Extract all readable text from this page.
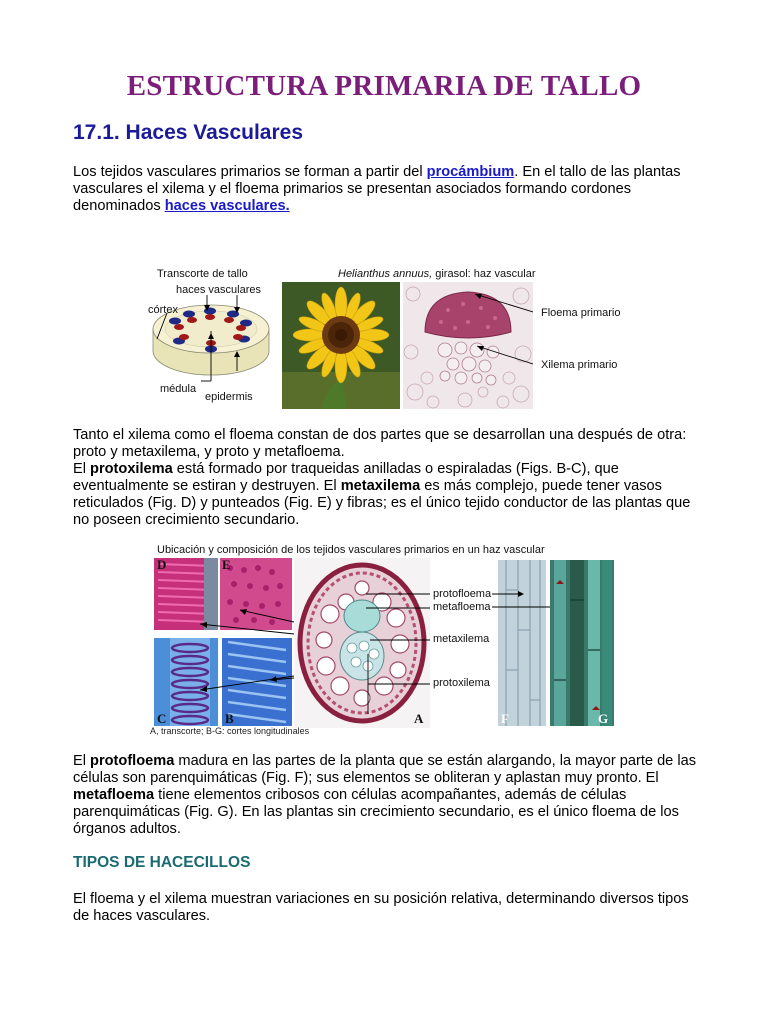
ESTRUCTURA PRIMARIA DE TALLO
17.1. Haces Vasculares
Los tejidos vasculares primarios se forman a partir del procámbium. En el tallo de las plantas vasculares el xilema y el floema primarios se presentan asociados formando cordones denominados haces vasculares.
Transcorte de tallo	Helianthus annuus, girasol: haz vascular
haces vasculares
córtex
médula
epidermis
Floema primario
Xilema primario
Tanto el xilema como el floema constan de dos partes que se desarrollan una después de otra: proto y metaxilema, y proto y metafloema.
El protoxilema está formado por traqueidas anilladas o espiraladas (Figs. B-C), que eventualmente se estiran y destruyen. El metaxilema es más complejo, puede tener vasos reticulados (Fig. D) y punteados (Fig. E) y fibras; es el único tejido conductor de las plantas que no poseen crecimiento secundario.
Ubicación y composición de los tejidos vasculares primarios en un haz vascular
D	E
C	B	A
protofloema
metafloema
metaxilema
protoxilema
F	G
A, transcorte; B-G: cortes longitudinales
El protofloema madura en las partes de la planta que se están alargando, la mayor parte de las células son parenquimáticas (Fig. F); sus elementos se obliteran y aplastan muy pronto. El metafloema tiene elementos cribosos con células acompañantes, además de células parenquimáticas (Fig. G). En las plantas sin crecimiento secundario, es el único floema de los órganos adultos.
TIPOS DE HACECILLOS
El floema y el xilema muestran variaciones en su posición relativa, determinando diversos tipos de haces vasculares.
